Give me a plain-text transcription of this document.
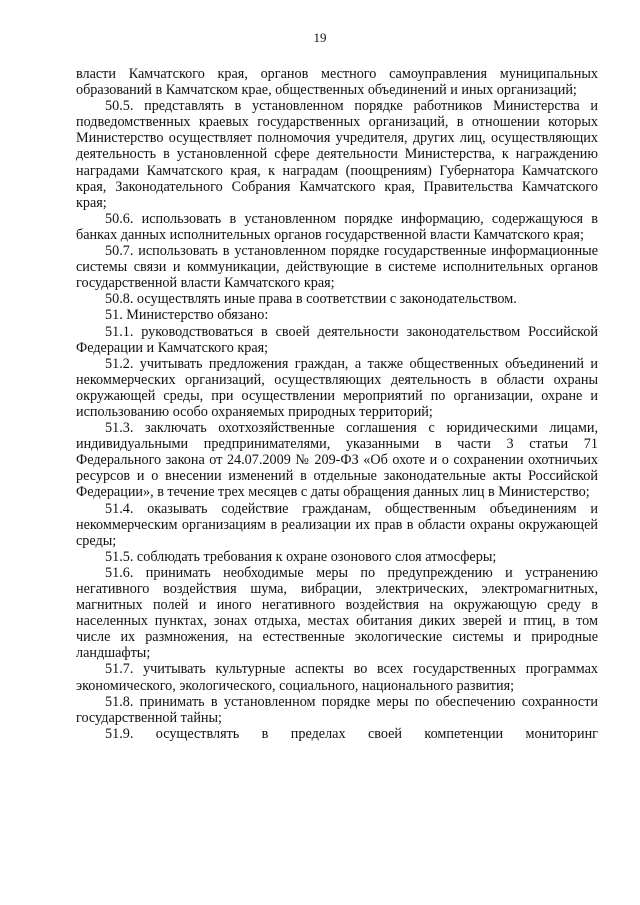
19

власти Камчатского края, органов местного самоуправления муниципальных образований в Камчатском крае, общественных объединений и иных организаций;

50.5. представлять в установленном порядке работников Министерства и подведомственных краевых государственных организаций, в отношении которых Министерство осуществляет полномочия учредителя, других лиц, осуществляющих деятельность в установленной сфере деятельности Министерства, к награждению наградами Камчатского края, к наградам (поощрениям) Губернатора Камчатского края, Законодательного Собрания Камчатского края, Правительства Камчатского края;

50.6. использовать в установленном порядке информацию, содержащуюся в банках данных исполнительных органов государственной власти Камчатского края;

50.7. использовать в установленном порядке государственные информационные системы связи и коммуникации, действующие в системе исполнительных органов государственной власти Камчатского края;

50.8. осуществлять иные права в соответствии с законодательством.

51. Министерство обязано:

51.1. руководствоваться в своей деятельности законодательством Российской Федерации и Камчатского края;

51.2. учитывать предложения граждан, а также общественных объединений и некоммерческих организаций, осуществляющих деятельность в области охраны окружающей среды, при осуществлении мероприятий по организации, охране и использованию особо охраняемых природных территорий;

51.3. заключать охотхозяйственные соглашения с юридическими лицами, индивидуальными предпринимателями, указанными в части 3 статьи 71 Федерального закона от 24.07.2009 № 209-ФЗ «Об охоте и о сохранении охотничьих ресурсов и о внесении изменений в отдельные законодательные акты Российской Федерации», в течение трех месяцев с даты обращения данных лиц в Министерство;

51.4. оказывать содействие гражданам, общественным объединениям и некоммерческим организациям в реализации их прав в области охраны окружающей среды;

51.5. соблюдать требования к охране озонового слоя атмосферы;

51.6. принимать необходимые меры по предупреждению и устранению негативного воздействия шума, вибрации, электрических, электромагнитных, магнитных полей и иного негативного воздействия на окружающую среду в населенных пунктах, зонах отдыха, местах обитания диких зверей и птиц, в том числе их размножения, на естественные экологические системы и природные ландшафты;

51.7. учитывать культурные аспекты во всех государственных программах экономического, экологического, социального, национального развития;

51.8. принимать в установленном порядке меры по обеспечению сохранности государственной тайны;

51.9. осуществлять в пределах своей компетенции мониторинг
